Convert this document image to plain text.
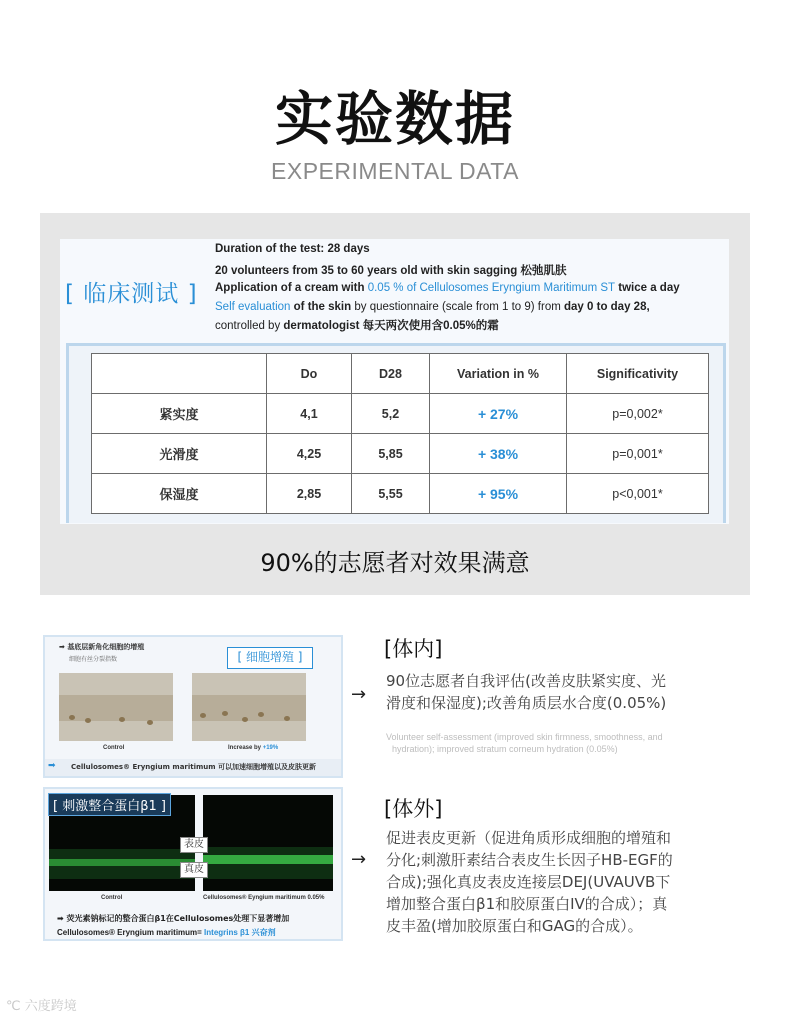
实验数据
EXPERIMENTAL DATA
[ 临床测试 ]
Duration of the test: 28 days
20 volunteers from 35 to 60 years old with skin sagging 松弛肌肤
Application of a cream with 0.05 % of Cellulosomes Eryngium Maritimum ST twice a day
Self evaluation of the skin by questionnaire (scale from 1 to 9) from day 0 to day 28,
controlled by dermatologist 每天两次使用含0.05%的霜
	Do	D28	Variation in %	Significativity
紧实度	4,1	5,2	+ 27%	p=0,002*
光滑度	4,25	5,85	+ 38%	p=0,001*
保湿度	2,85	5,55	+ 95%	p<0,001*
90%的志愿者对效果满意
➡ 基底层新角化细胞的增殖
细胞有丝分裂指数	[ 细胞增殖 ]
Control	Increase by +19%
➡ Cellulosomes® Eryngium maritimum 可以加速细胞增殖以及皮肤更新
[ 刺激整合蛋白β1 ]
表皮
真皮
Control	Cellulosomes® Eyngium maritimum 0.05%
➡ 荧光素钠标记的整合蛋白β1在Cellulosomes处理下显著增加
Cellulosomes® Eryngium maritimum= Integrins β1 兴奋剂
[体内]
→
90位志愿者自我评估(改善皮肤紧实度、光
滑度和保湿度);改善角质层水合度(0.05%)
Volunteer self-assessment (improved skin firmness, smoothness, and
hydration); improved stratum corneum hydration (0.05%)
[体外]
→
促进表皮更新（促进角质形成细胞的增殖和
分化;刺激肝素结合表皮生长因子HB-EGF的
合成);强化真皮表皮连接层DEJ(UVAUVB下
增加整合蛋白β1和胶原蛋白IV的合成）；真
皮丰盈(增加胶原蛋白和GAG的合成）。
℃ 六度跨境
